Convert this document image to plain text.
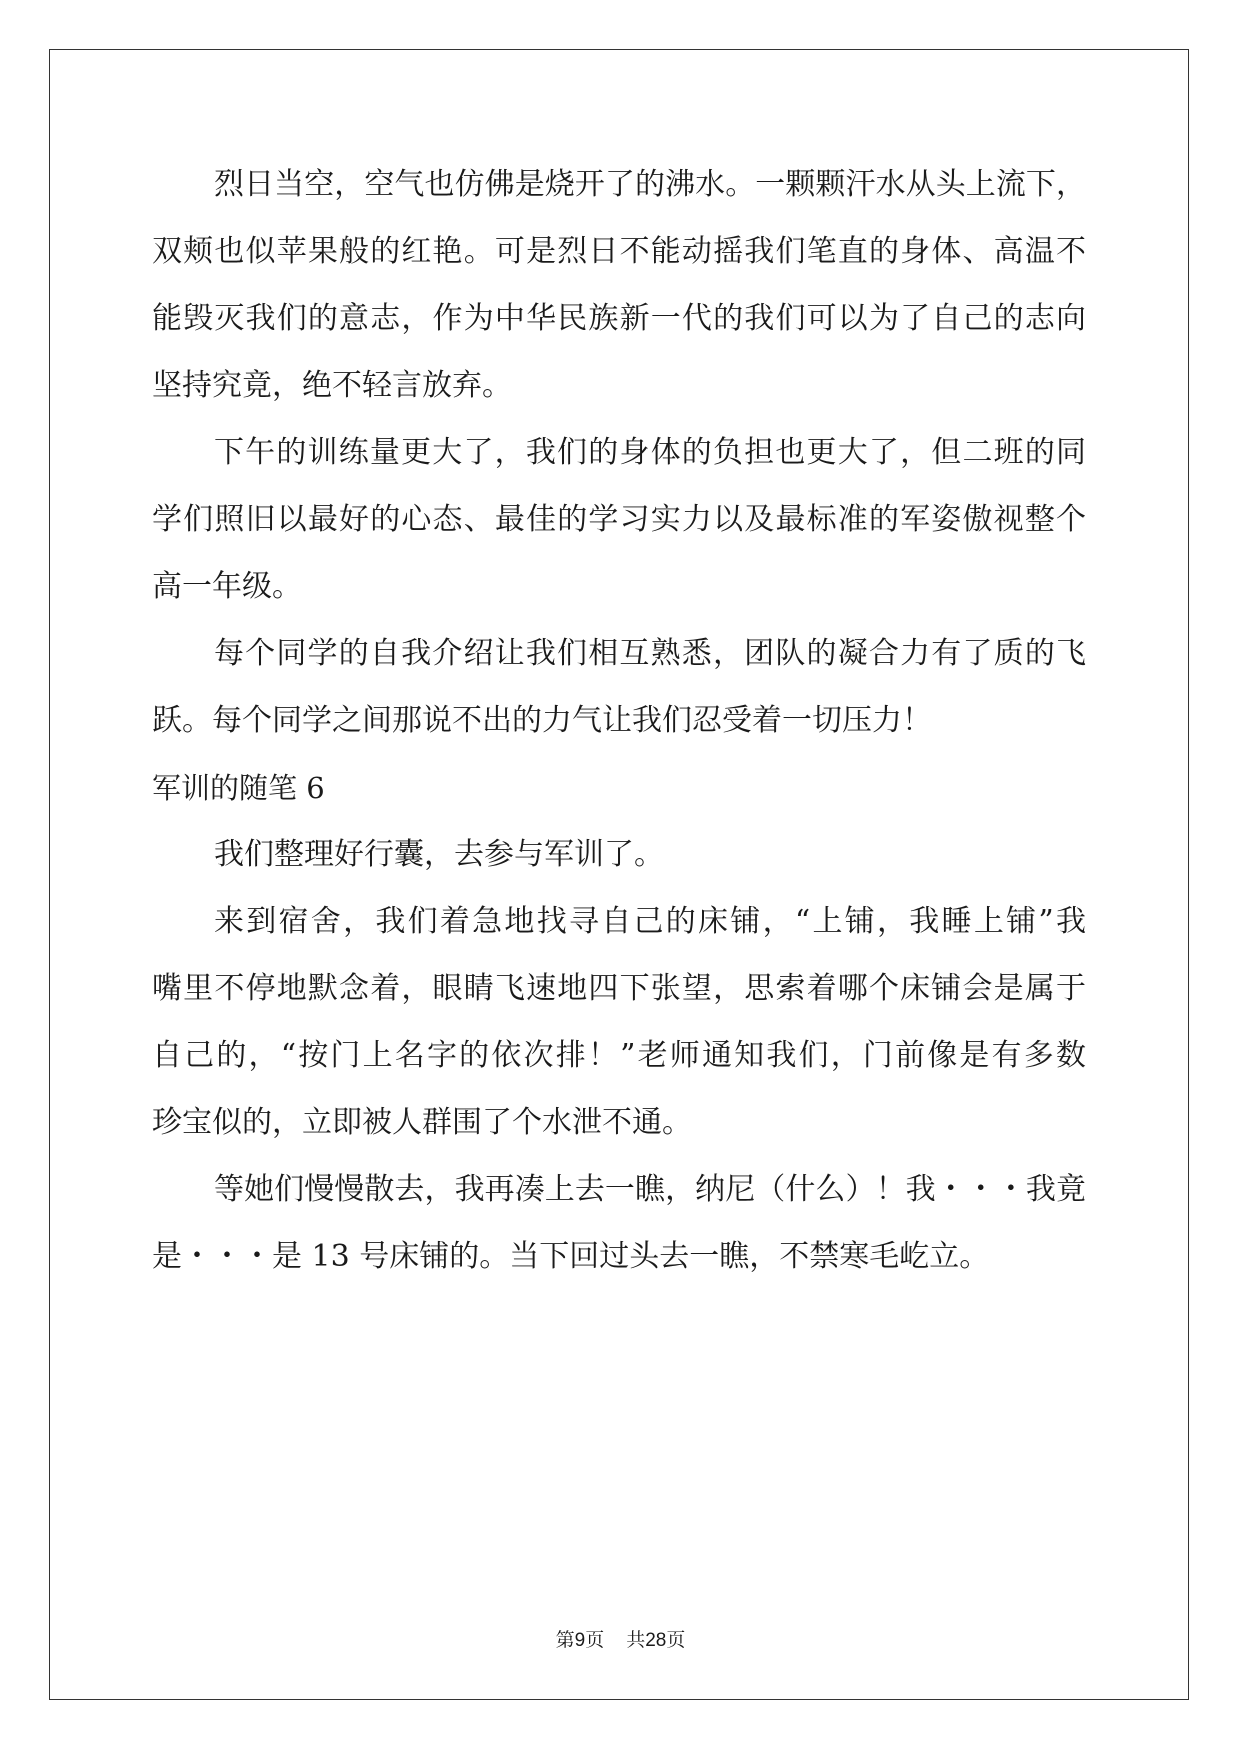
烈日当空，空气也仿佛是烧开了的沸水。一颗颗汗水从头上流下，

双颊也似苹果般的红艳。可是烈日不能动摇我们笔直的身体、高温不

能毁灭我们的意志，作为中华民族新一代的我们可以为了自己的志向

坚持究竟，绝不轻言放弃。

下午的训练量更大了，我们的身体的负担也更大了，但二班的同

学们照旧以最好的心态、最佳的学习实力以及最标准的军姿傲视整个

高一年级。

每个同学的自我介绍让我们相互熟悉，团队的凝合力有了质的飞

跃。每个同学之间那说不出的力气让我们忍受着一切压力！

军训的随笔 6

我们整理好行囊，去参与军训了。

来到宿舍，我们着急地找寻自己的床铺，“上铺，我睡上铺”我

嘴里不停地默念着，眼睛飞速地四下张望，思索着哪个床铺会是属于

自己的，“按门上名字的依次排！”老师通知我们，门前像是有多数

珍宝似的，立即被人群围了个水泄不通。

等她们慢慢散去，我再凑上去一瞧，纳尼（什么）！我・・・我竟

是・・・是 13 号床铺的。当下回过头去一瞧，不禁寒毛屹立。

第9页 共28页
